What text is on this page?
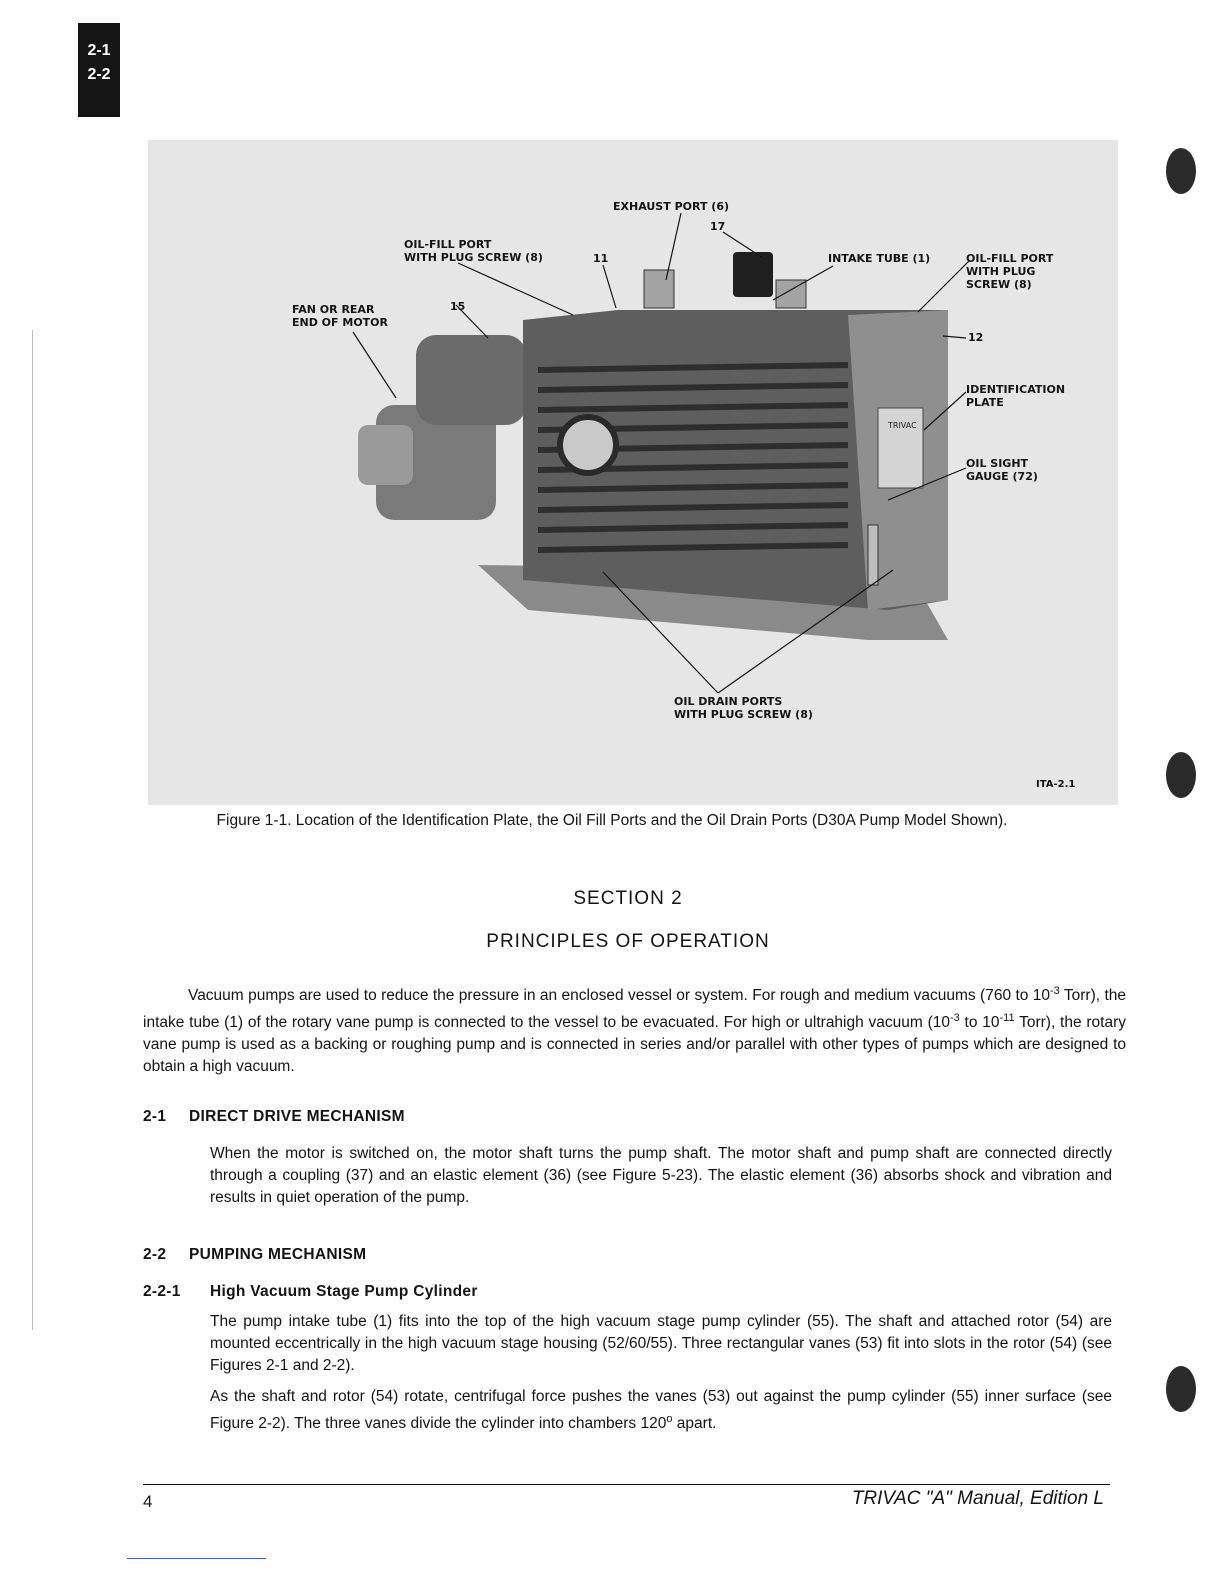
2-1
2-2
TRIVAC
EXHAUST PORT (6)
17
OIL-FILL PORT
WITH PLUG SCREW (8)	11	INTAKE TUBE (1)	OIL-FILL PORT
WITH PLUG
SCREW (8)
FAN OR REAR
END OF MOTOR
15
12
IDENTIFICATION
PLATE
OIL SIGHT
GAUGE (72)
OIL DRAIN PORTS
WITH PLUG SCREW (8)
ITA-2.1
Figure 1-1. Location of the Identification Plate, the Oil Fill Ports and the Oil Drain Ports (D30A Pump Model Shown).
SECTION 2
PRINCIPLES OF OPERATION
Vacuum pumps are used to reduce the pressure in an enclosed vessel or system. For rough and medium vacuums (760 to $10^{-3}$ Torr), the intake tube (1) of the rotary vane pump is connected to the vessel to be evacuated. For high or ultrahigh vacuum ($10^{-3}$ to $10^{-11}$ Torr), the rotary vane pump is used as a backing or roughing pump and is connected in series and/or parallel with other types of pumps which are designed to obtain a high vacuum.
2-1 DIRECT DRIVE MECHANISM
When the motor is switched on, the motor shaft turns the pump shaft. The motor shaft and pump shaft are connected directly through a coupling (37) and an elastic element (36) (see Figure 5-23). The elastic element (36) absorbs shock and vibration and results in quiet operation of the pump.
2-2 PUMPING MECHANISM
2-2-1 High Vacuum Stage Pump Cylinder
The pump intake tube (1) fits into the top of the high vacuum stage pump cylinder (55). The shaft and attached rotor (54) are mounted eccentrically in the high vacuum stage housing (52/60/55). Three rectangular vanes (53) fit into slots in the rotor (54) (see Figures 2-1 and 2-2).
As the shaft and rotor (54) rotate, centrifugal force pushes the vanes (53) out against the pump cylinder (55) inner surface (see Figure 2-2). The three vanes divide the cylinder into chambers 120$^o$ apart.
4	TRIVAC "A" Manual, Edition L
